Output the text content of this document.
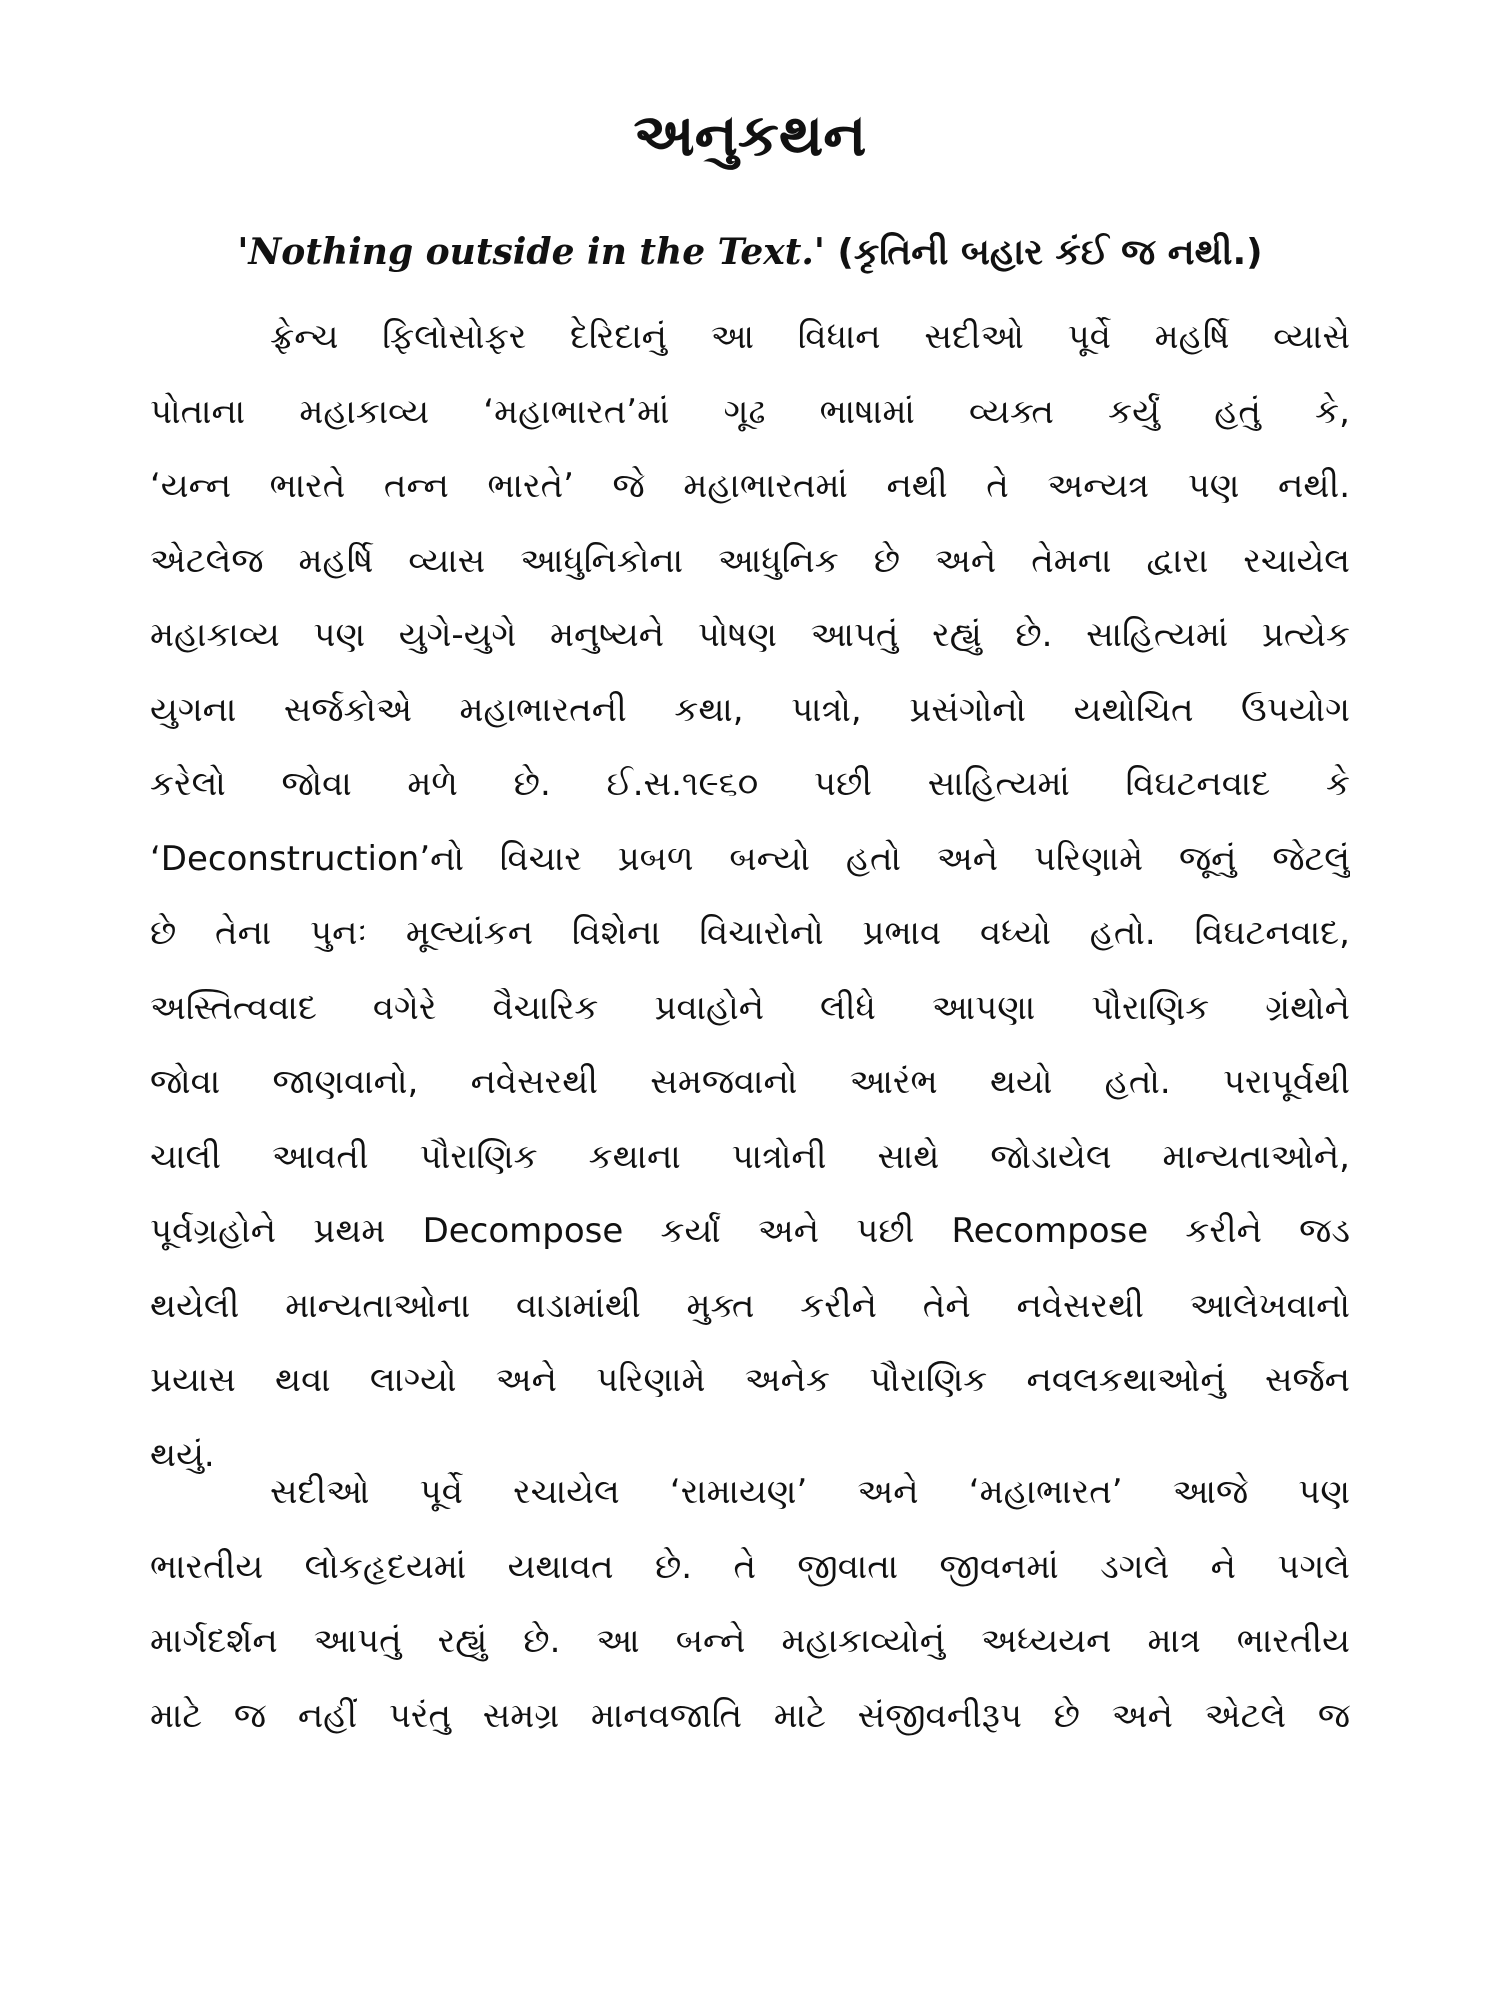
અનુકથન
'Nothing outside in the Text.' (કૃતિની બહાર કંઈ જ નથી.)
ફ્રેન્ચ ફિલોસોફર દેરિદાનું આ વિધાન સદીઓ પૂર્વે મહર્ષિ વ્યાસે
પોતાના મહાકાવ્ય ‘મહાભારત’માં ગૂઢ ભાષામાં વ્યક્ત કર્યું હતું કે,
‘યન્ન ભારતે તન્ન ભારતે’ જે મહાભારતમાં નથી તે અન્યત્ર પણ નથી.
એટલેજ મહર્ષિ વ્યાસ આધુનિકોના આધુનિક છે અને તેમના દ્વારા રચાયેલ
મહાકાવ્ય પણ યુગે-યુગે મનુષ્યને પોષણ આપતું રહ્યું છે. સાહિત્યમાં પ્રત્યેક
યુગના સર્જકોએ મહાભારતની કથા, પાત્રો, પ્રસંગોનો યથોચિત ઉપયોગ
કરેલો જોવા મળે છે. ઈ.સ.૧૯૬૦ પછી સાહિત્યમાં વિઘટનવાદ કે
‘Deconstruction’નો વિચાર પ્રબળ બન્યો હતો અને પરિણામે જૂનું જેટલું
છે તેના પુનઃ મૂલ્યાંકન વિશેના વિચારોનો પ્રભાવ વધ્યો હતો. વિઘટનવાદ,
અસ્તિત્વવાદ વગેરે વૈચારિક પ્રવાહોને લીધે આપણા પૌરાણિક ગ્રંથોને
જોવા જાણવાનો, નવેસરથી સમજવાનો આરંભ થયો હતો. પરાપૂર્વથી
ચાલી આવતી પૌરાણિક કથાના પાત્રોની સાથે જોડાયેલ માન્યતાઓને,
પૂર્વગ્રહોને પ્રથમ Decompose કર્યાં અને પછી Recompose કરીને જડ
થયેલી માન્યતાઓના વાડામાંથી મુક્ત કરીને તેને નવેસરથી આલેખવાનો
પ્રયાસ થવા લાગ્યો અને પરિણામે અનેક પૌરાણિક નવલકથાઓનું સર્જન
થયું.
સદીઓ પૂર્વે રચાયેલ ‘રામાયણ’ અને ‘મહાભારત’ આજે પણ
ભારતીય લોકહૃદયમાં યથાવત છે. તે જીવાતા જીવનમાં ડગલે ને પગલે
માર્ગદર્શન આપતું રહ્યું છે. આ બન્ને મહાકાવ્યોનું અધ્યયન માત્ર ભારતીય
માટે જ નહીં પરંતુ સમગ્ર માનવજાતિ માટે સંજીવનીરૂપ છે અને એટલે જ
